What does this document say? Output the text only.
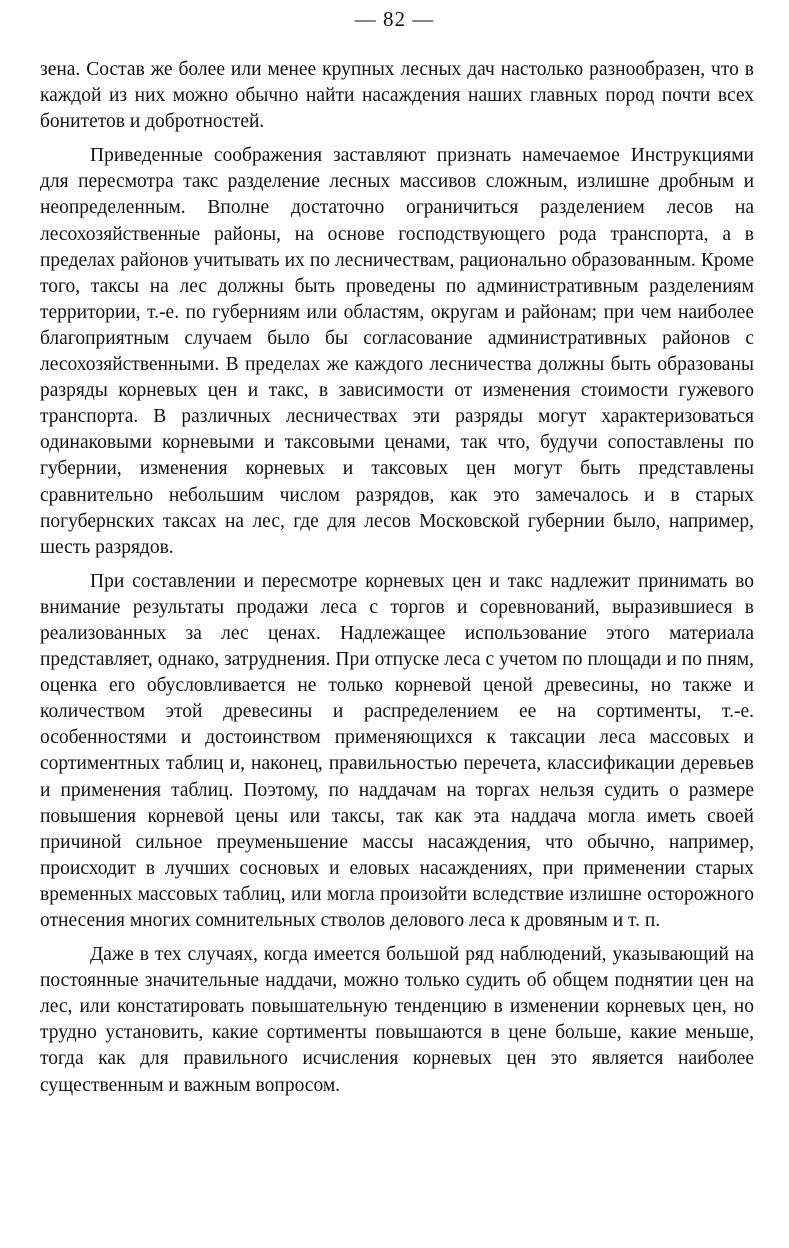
— 82 —

зена. Состав же более или менее крупных лесных дач настолько разнообразен, что в каждой из них можно обычно найти насаждения наших главных пород почти всех бонитетов и добротностей.

Приведенные соображения заставляют признать намечаемое Инструкциями для пересмотра такс разделение лесных массивов сложным, излишне дробным и неопределенным. Вполне достаточно ограничиться разделением лесов на лесохозяйственные районы, на основе господствующего рода транспорта, а в пределах районов учитывать их по лесничествам, рационально образованным. Кроме того, таксы на лес должны быть проведены по административным разделениям территории, т.-е. по губерниям или областям, округам и районам; при чем наиболее благоприятным случаем было бы согласование административных районов с лесохозяйственными. В пределах же каждого лесничества должны быть образованы разряды корневых цен и такс, в зависимости от изменения стоимости гужевого транспорта. В различных лесничествах эти разряды могут характеризоваться одинаковыми корневыми и таксовыми ценами, так что, будучи сопоставлены по губернии, изменения корневых и таксовых цен могут быть представлены сравнительно небольшим числом разрядов, как это замечалось и в старых погубернских таксах на лес, где для лесов Московской губернии было, например, шесть разрядов.

При составлении и пересмотре корневых цен и такс надлежит принимать во внимание результаты продажи леса с торгов и соревнований, выразившиеся в реализованных за лес ценах. Надлежащее использование этого материала представляет, однако, затруднения. При отпуске леса с учетом по площади и по пням, оценка его обусловливается не только корневой ценой древесины, но также и количеством этой древесины и распределением ее на сортименты, т.-е. особенностями и достоинством применяющихся к таксации леса массовых и сортиментных таблиц и, наконец, правильностью перечета, классификации деревьев и применения таблиц. Поэтому, по наддачам на торгах нельзя судить о размере повышения корневой цены или таксы, так как эта наддача могла иметь своей причиной сильное преуменьшение массы насаждения, что обычно, например, происходит в лучших сосновых и еловых насаждениях, при применении старых временных массовых таблиц, или могла произойти вследствие излишне осторожного отнесения многих сомнительных стволов делового леса к дровяным и т. п.

Даже в тех случаях, когда имеется большой ряд наблюдений, указывающий на постоянные значительные наддачи, можно только судить об общем поднятии цен на лес, или констатировать повышательную тенденцию в изменении корневых цен, но трудно установить, какие сортименты повышаются в цене больше, какие меньше, тогда как для правильного исчисления корневых цен это является наиболее существенным и важным вопросом.
